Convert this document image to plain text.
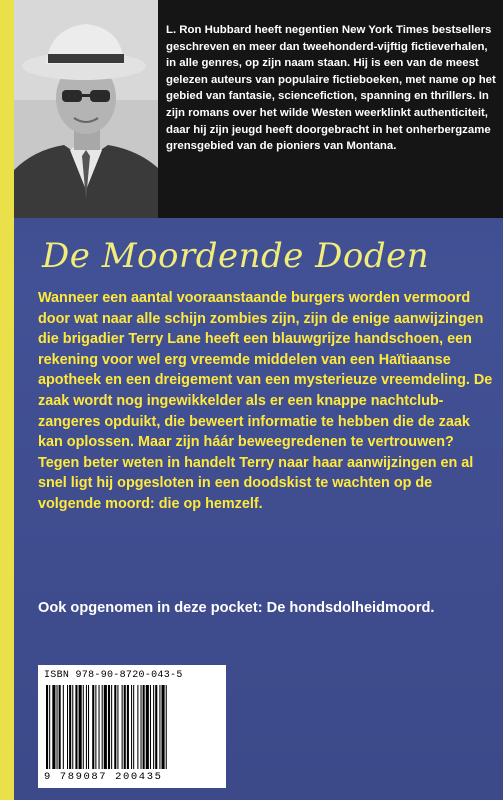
L. Ron Hubbard heeft negentien New York Times bestsellers geschreven en meer dan tweehonderd-vijftig fictieverhalen, in alle genres, op zijn naam staan. Hij is een van de meest gelezen auteurs van populaire fictieboeken, met name op het gebied van fantasie, sciencefiction, spanning en thrillers. In zijn romans over het wilde Westen weerklinkt authenticiteit, daar hij zijn jeugd heeft doorgebracht in het onherbergzame grensgebied van de pioniers van Montana.

De Moordende Doden

Wanneer een aantal vooraanstaande burgers worden vermoord door wat naar alle schijn zombies zijn, zijn de enige aanwijzingen die brigadier Terry Lane heeft een blauwgrijze handschoen, een rekening voor wel erg vreemde middelen van een Haïtiaanse apotheek en een dreigement van een mysterieuze vreemdeling. De zaak wordt nog ingewikkelder als er een knappe nachtclub-zangeres opduikt, die beweert informatie te hebben die de zaak kan oplossen. Maar zijn háár beweegredenen te vertrouwen? Tegen beter weten in handelt Terry naar haar aanwijzingen en al snel ligt hij opgesloten in een doodskist te wachten op de volgende moord: die op hemzelf.

Ook opgenomen in deze pocket: De hondsdolheidmoord.

ISBN 978-90-8720-043-5

9 789087 200435
